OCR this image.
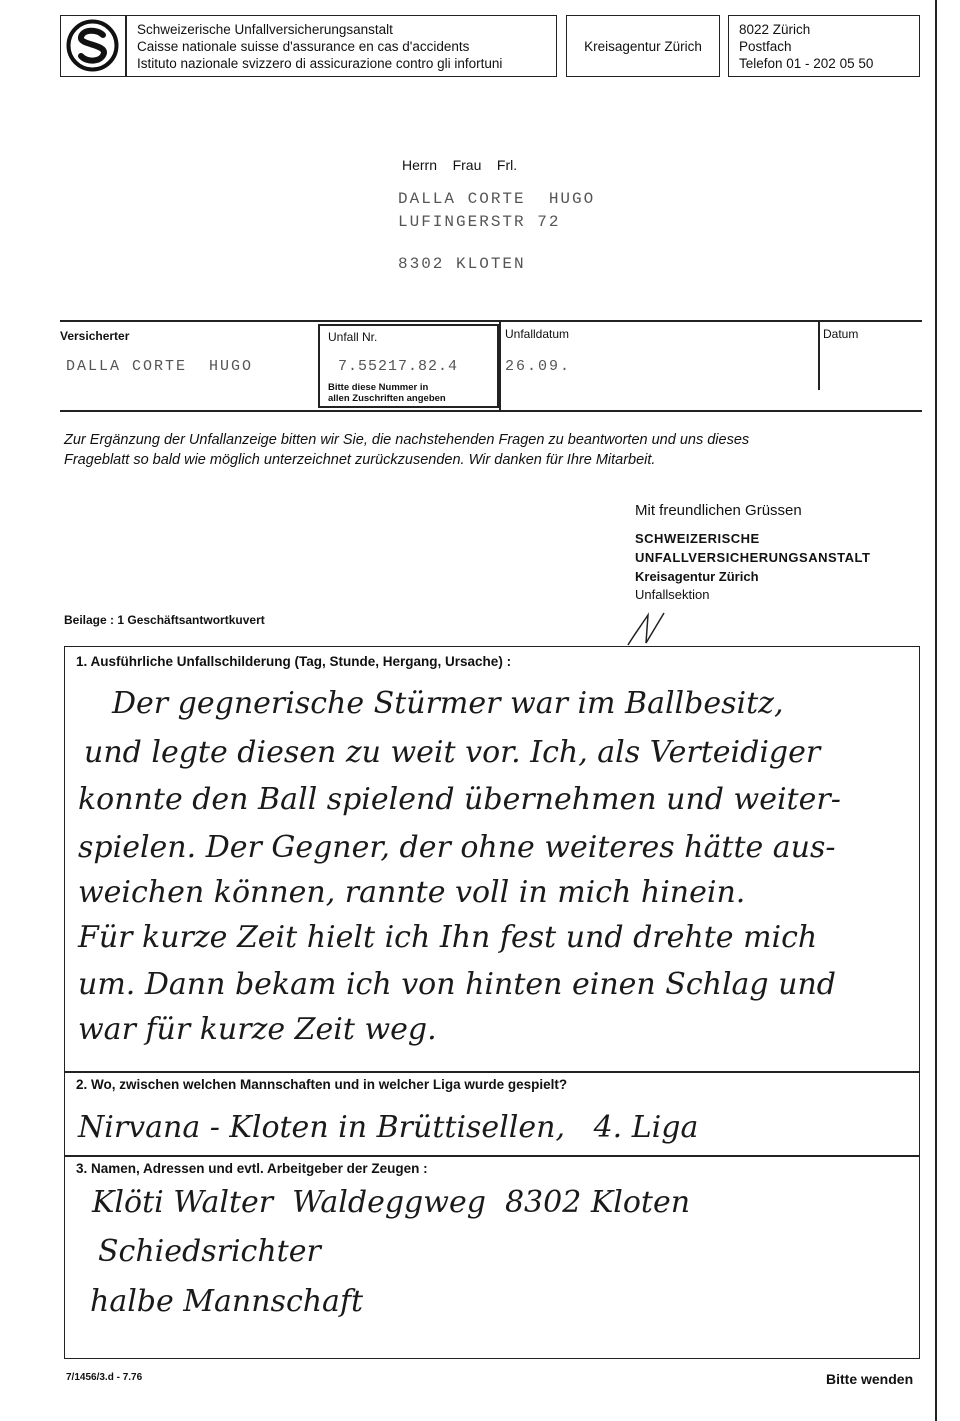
Schweizerische Unfallversicherungsanstalt
Caisse nationale suisse d'assurance en cas d'accidents
Istituto nazionale svizzero di assicurazione contro gli infortuni
Kreisagentur Zürich
8022 Zürich
Postfach
Telefon 01 - 202 05 50
Herrn    Frau    Frl.
DALLA CORTE  HUGO
LUFINGERSTR 72
8302 KLOTEN
Versicherter
DALLA CORTE  HUGO
Unfall Nr.
7.55217.82.4
Bitte diese Nummer in
allen Zuschriften angeben
Unfalldatum
26.09.
Datum
Zur Ergänzung der Unfallanzeige bitten wir Sie, die nachstehenden Fragen zu beantworten und uns dieses
Frageblatt so bald wie möglich unterzeichnet zurückzusenden. Wir danken für Ihre Mitarbeit.
Mit freundlichen Grüssen
SCHWEIZERISCHE
UNFALLVERSICHERUNGSANSTALT
Kreisagentur Zürich
Unfallsektion
Beilage : 1 Geschäftsantwortkuvert
1. Ausführliche Unfallschilderung (Tag, Stunde, Hergang, Ursache) :
Der gegnerische Stürmer war im Ballbesitz,
und legte diesen zu weit vor. Ich, als Verteidiger
konnte den Ball spielend übernehmen und weiter-
spielen. Der Gegner, der ohne weiteres hätte aus-
weichen können, rannte voll in mich hinein.
Für kurze Zeit hielt ich Ihn fest und drehte mich
um. Dann bekam ich von hinten einen Schlag und
war für kurze Zeit weg.
2. Wo, zwischen welchen Mannschaften und in welcher Liga wurde gespielt?
Nirvana - Kloten in Brüttisellen,   4. Liga
3. Namen, Adressen und evtl. Arbeitgeber der Zeugen :
Klöti Walter  Waldeggweg  8302 Kloten
Schiedsrichter
halbe Mannschaft
7/1456/3.d - 7.76	Bitte wenden
